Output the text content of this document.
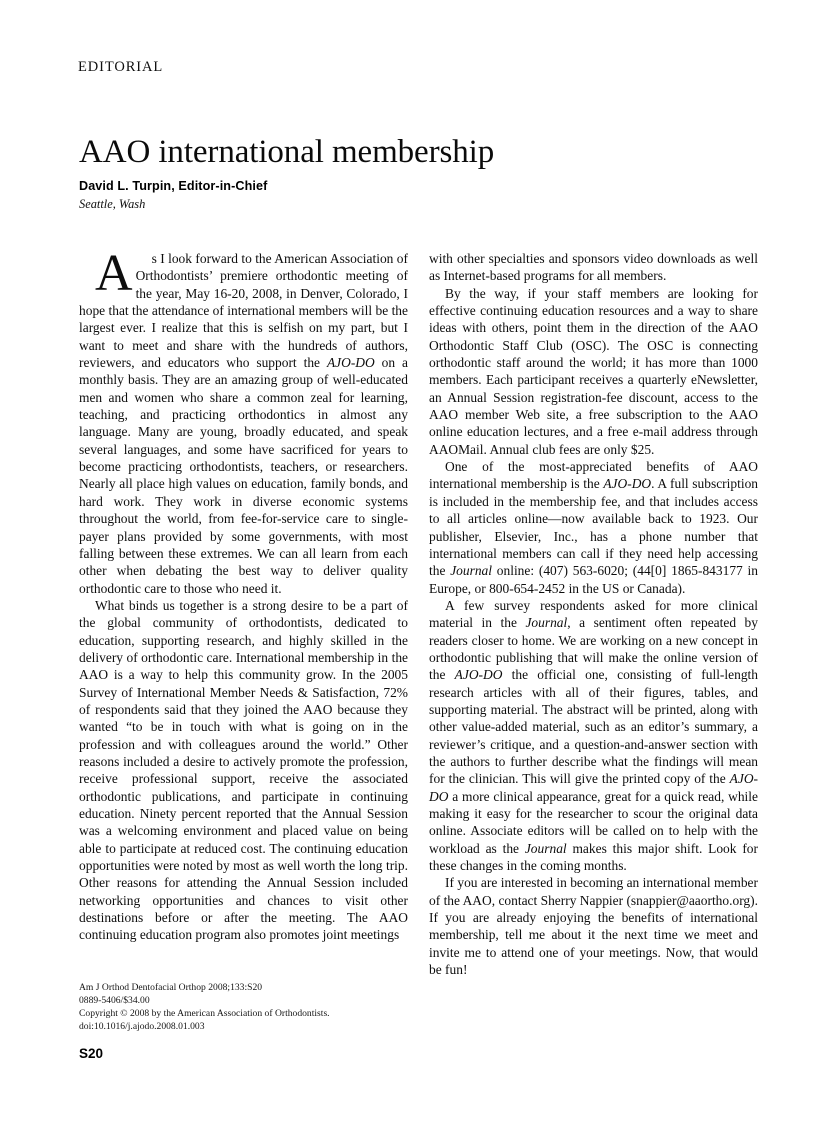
EDITORIAL
AAO international membership
David L. Turpin, Editor-in-Chief
Seattle, Wash

A s I look forward to the American Association of Orthodontists’ premiere orthodontic meeting of the year, May 16-20, 2008, in Denver, Colorado, I hope that the attendance of international members will be the largest ever. I realize that this is selfish on my part, but I want to meet and share with the hundreds of authors, reviewers, and educators who support the AJO-DO on a monthly basis. They are an amazing group of well-educated men and women who share a common zeal for learning, teaching, and practicing orthodontics in almost any language. Many are young, broadly educated, and speak several languages, and some have sacrificed for years to become practicing orthodontists, teachers, or researchers. Nearly all place high values on education, family bonds, and hard work. They work in diverse economic systems throughout the world, from fee-for-service care to single-payer plans provided by some governments, with most falling between these extremes. We can all learn from each other when debating the best way to deliver quality orthodontic care to those who need it.

What binds us together is a strong desire to be a part of the global community of orthodontists, dedicated to education, supporting research, and highly skilled in the delivery of orthodontic care. International membership in the AAO is a way to help this community grow. In the 2005 Survey of International Member Needs & Satisfaction, 72% of respondents said that they joined the AAO because they wanted “to be in touch with what is going on in the profession and with colleagues around the world.” Other reasons included a desire to actively promote the profession, receive professional support, receive the associated orthodontic publications, and participate in continuing education. Ninety percent reported that the Annual Session was a welcoming environment and placed value on being able to participate at reduced cost. The continuing education opportunities were noted by most as well worth the long trip. Other reasons for attending the Annual Session included networking opportunities and chances to visit other destinations before or after the meeting. The AAO continuing education program also promotes joint meetings

with other specialties and sponsors video downloads as well as Internet-based programs for all members.

By the way, if your staff members are looking for effective continuing education resources and a way to share ideas with others, point them in the direction of the AAO Orthodontic Staff Club (OSC). The OSC is connecting orthodontic staff around the world; it has more than 1000 members. Each participant receives a quarterly eNewsletter, an Annual Session registration-fee discount, access to the AAO member Web site, a free subscription to the AAO online education lectures, and a free e-mail address through AAOMail. Annual club fees are only $25.

One of the most-appreciated benefits of AAO international membership is the AJO-DO. A full subscription is included in the membership fee, and that includes access to all articles online—now available back to 1923. Our publisher, Elsevier, Inc., has a phone number that international members can call if they need help accessing the Journal online: (407) 563-6020; (44[0] 1865-843177 in Europe, or 800-654-2452 in the US or Canada).

A few survey respondents asked for more clinical material in the Journal, a sentiment often repeated by readers closer to home. We are working on a new concept in orthodontic publishing that will make the online version of the AJO-DO the official one, consisting of full-length research articles with all of their figures, tables, and supporting material. The abstract will be printed, along with other value-added material, such as an editor’s summary, a reviewer’s critique, and a question-and-answer section with the authors to further describe what the findings will mean for the clinician. This will give the printed copy of the AJO-DO a more clinical appearance, great for a quick read, while making it easy for the researcher to scour the original data online. Associate editors will be called on to help with the workload as the Journal makes this major shift. Look for these changes in the coming months.

If you are interested in becoming an international member of the AAO, contact Sherry Nappier (snappier@aaortho.org). If you are already enjoying the benefits of international membership, tell me about it the next time we meet and invite me to attend one of your meetings. Now, that would be fun!

Am J Orthod Dentofacial Orthop 2008;133:S20
0889-5406/$34.00
Copyright © 2008 by the American Association of Orthodontists.
doi:10.1016/j.ajodo.2008.01.003
S20
